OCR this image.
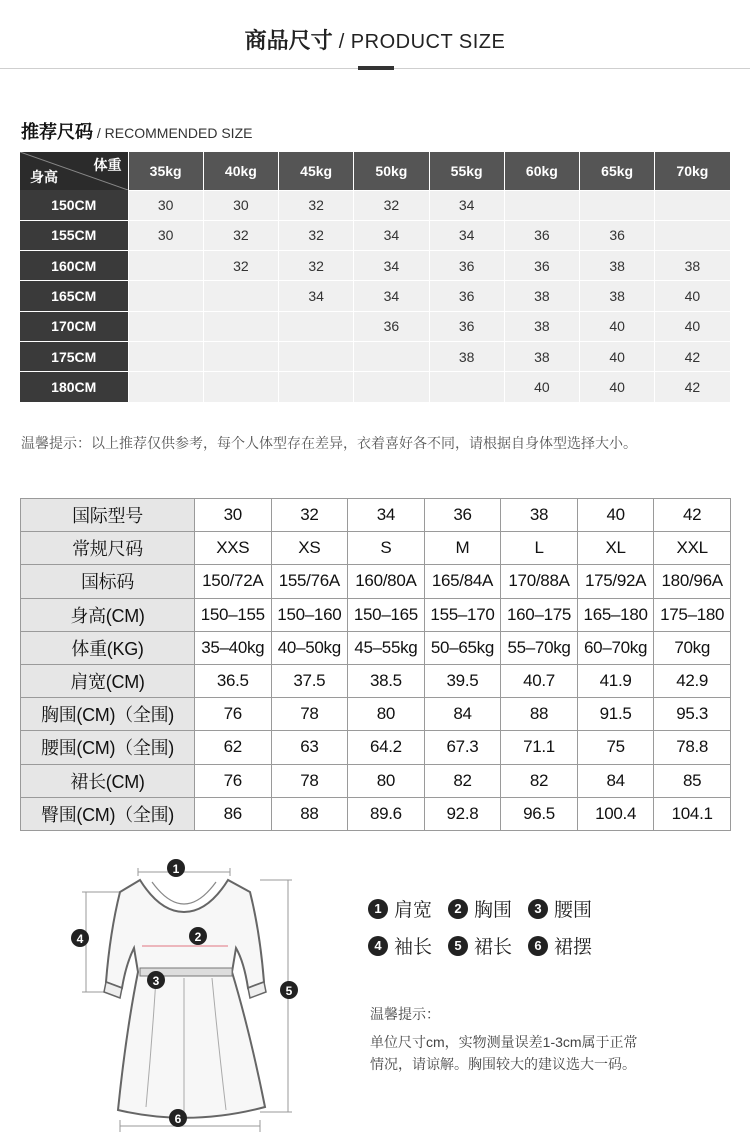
商品尺寸 / PRODUCT SIZE
推荐尺码 / RECOMMENDED SIZE
体重
身高	35kg	40kg	45kg	50kg	55kg	60kg	65kg	70kg
150CM	30	30	32	32	34			
155CM	30	32	32	34	34	36	36	
160CM		32	32	34	36	36	38	38
165CM			34	34	36	38	38	40
170CM				36	36	38	40	40
175CM					38	38	40	42
180CM						40	40	42
温馨提示：以上推荐仅供参考，每个人体型存在差异，衣着喜好各不同，请根据自身体型选择大小。
国际型号	30	32	34	36	38	40	42
常规尺码	XXS	XS	S	M	L	XL	XXL
国标码	150/72A	155/76A	160/80A	165/84A	170/88A	175/92A	180/96A
身高(CM)	150–155	150–160	150–165	155–170	160–175	165–180	175–180
体重(KG)	35–40kg	40–50kg	45–55kg	50–65kg	55–70kg	60–70kg	70kg
肩宽(CM)	36.5	37.5	38.5	39.5	40.7	41.9	42.9
胸围(CM)（全围)	76	78	80	84	88	91.5	95.3
腰围(CM)（全围)	62	63	64.2	67.3	71.1	75	78.8
裙长(CM)	76	78	80	82	82	84	85
臀围(CM)（全围)	86	88	89.6	92.8	96.5	100.4	104.1
1
2
3
4
5
6
1 肩宽	2 胸围	3 腰围
4 袖长	5 裙长	6 裙摆
温馨提示：
单位尺寸cm，实物测量误差1-3cm属于正常
情况，请谅解。胸围较大的建议选大一码。
